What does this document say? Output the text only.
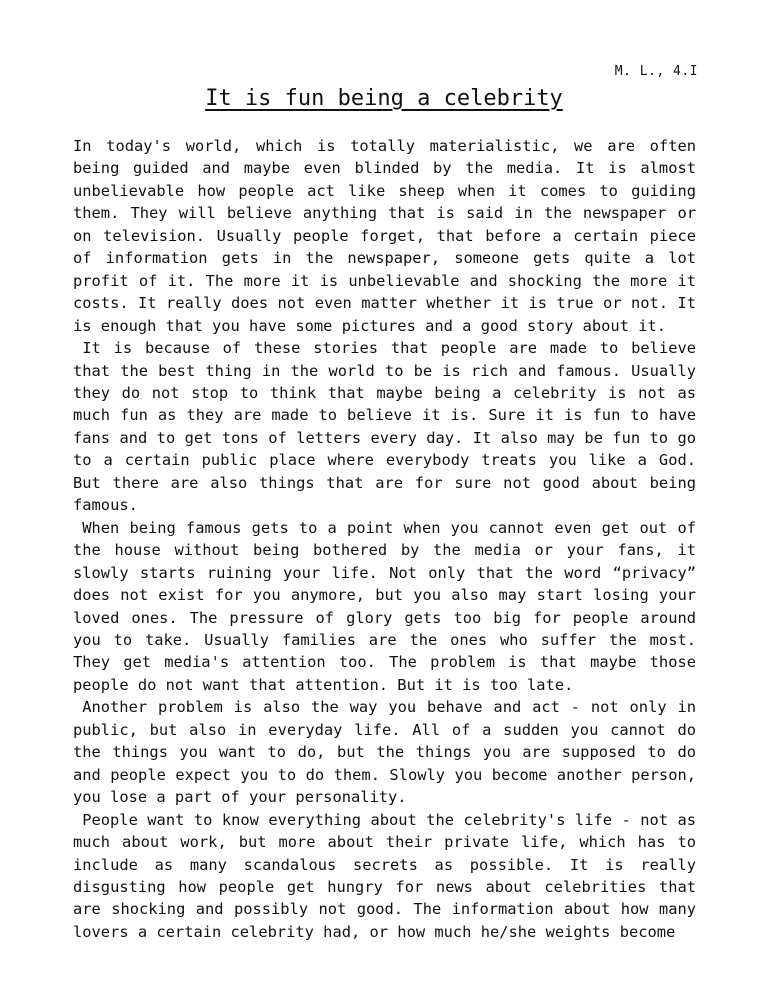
M. L., 4.I
It is fun being a celebrity

In today's world, which is totally materialistic, we are often being guided and maybe even blinded by the media. It is almost unbelievable how people act like sheep when it comes to guiding them. They will believe anything that is said in the newspaper or on television. Usually people forget, that before a certain piece of information gets in the newspaper, someone gets quite a lot profit of it. The more it is unbelievable and shocking the more it costs. It really does not even matter whether it is true or not. It is enough that you have some pictures and a good story about it.

It is because of these stories that people are made to believe that the best thing in the world to be is rich and famous. Usually they do not stop to think that maybe being a celebrity is not as much fun as they are made to believe it is. Sure it is fun to have fans and to get tons of letters every day. It also may be fun to go to a certain public place where everybody treats you like a God. But there are also things that are for sure not good about being famous.

When being famous gets to a point when you cannot even get out of the house without being bothered by the media or your fans, it slowly starts ruining your life. Not only that the word “privacy” does not exist for you anymore, but you also may start losing your loved ones. The pressure of glory gets too big for people around you to take. Usually families are the ones who suffer the most. They get media's attention too. The problem is that maybe those people do not want that attention. But it is too late.

Another problem is also the way you behave and act - not only in public, but also in everyday life. All of a sudden you cannot do the things you want to do, but the things you are supposed to do and people expect you to do them. Slowly you become another person, you lose a part of your personality.

People want to know everything about the celebrity's life - not as much about work, but more about their private life, which has to include as many scandalous secrets as possible. It is really disgusting how people get hungry for news about celebrities that are shocking and possibly not good. The information about how many lovers a certain celebrity had, or how much he/she weights become
